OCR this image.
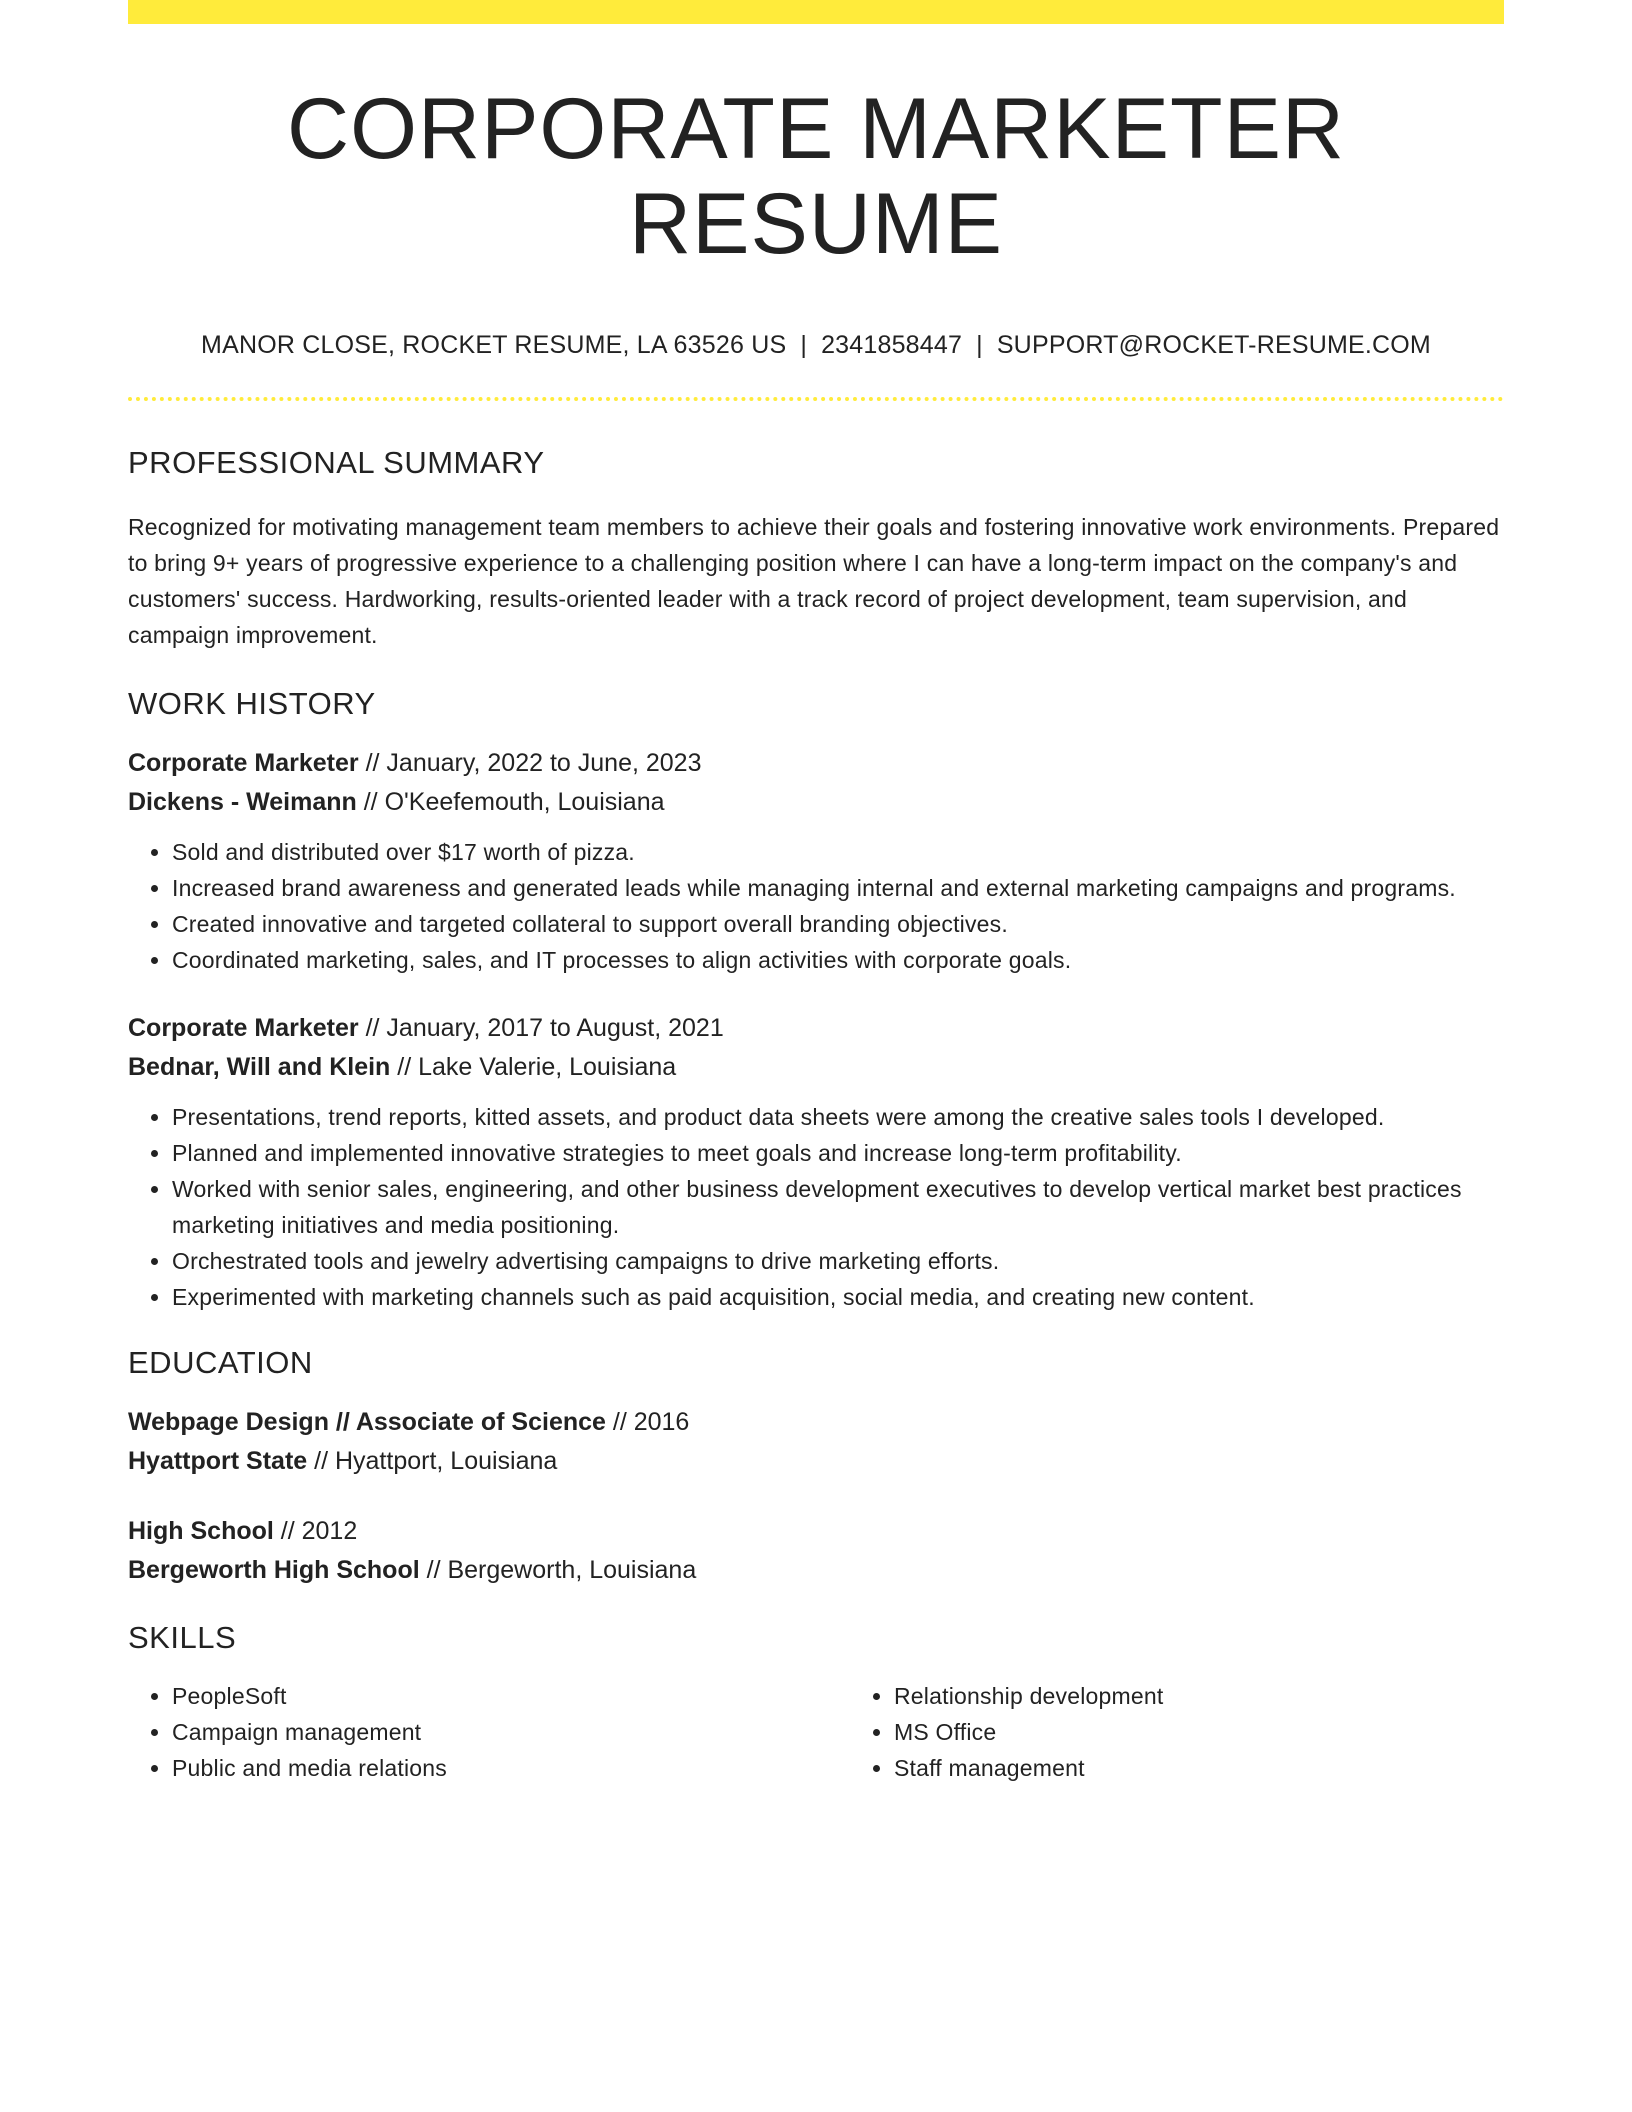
CORPORATE MARKETER RESUME
MANOR CLOSE, ROCKET RESUME, LA 63526 US | 2341858447 | SUPPORT@ROCKET-RESUME.COM
PROFESSIONAL SUMMARY

Recognized for motivating management team members to achieve their goals and fostering innovative work environments. Prepared to bring 9+ years of progressive experience to a challenging position where I can have a long-term impact on the company's and customers' success. Hardworking, results-oriented leader with a track record of project development, team supervision, and campaign improvement.

WORK HISTORY
Corporate Marketer // January, 2022 to June, 2023
Dickens - Weimann // O'Keefemouth, Louisiana
• Sold and distributed over $17 worth of pizza.
• Increased brand awareness and generated leads while managing internal and external marketing campaigns and programs.
• Created innovative and targeted collateral to support overall branding objectives.
• Coordinated marketing, sales, and IT processes to align activities with corporate goals.
Corporate Marketer // January, 2017 to August, 2021
Bednar, Will and Klein // Lake Valerie, Louisiana
• Presentations, trend reports, kitted assets, and product data sheets were among the creative sales tools I developed.
• Planned and implemented innovative strategies to meet goals and increase long-term profitability.
• Worked with senior sales, engineering, and other business development executives to develop vertical market best practices marketing initiatives and media positioning.
• Orchestrated tools and jewelry advertising campaigns to drive marketing efforts.
• Experimented with marketing channels such as paid acquisition, social media, and creating new content.
EDUCATION
Webpage Design // Associate of Science // 2016
Hyattport State // Hyattport, Louisiana
High School // 2012
Bergeworth High School // Bergeworth, Louisiana
SKILLS
• PeopleSoft
• Campaign management
• Public and media relations
• Relationship development
• MS Office
• Staff management
